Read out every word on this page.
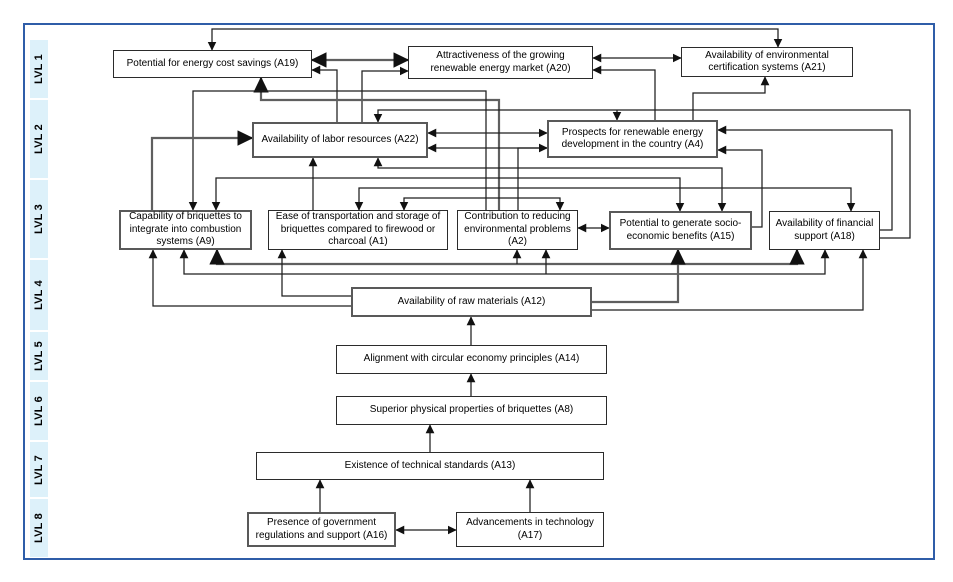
LVL 1
LVL 2
LVL 3
LVL 4
LVL 5
LVL 6
LVL 7
LVL 8
Potential for energy cost savings (A19)
Attractiveness of the growing renewable energy market (A20)
Availability of environmental certification systems (A21)
Availability of labor resources (A22)
Prospects for renewable energy development in the country (A4)
Capability of briquettes to integrate into combustion systems (A9)
Ease of transportation and storage of briquettes compared to firewood or charcoal (A1)
Contribution to reducing environmental problems (A2)
Potential to generate socio-economic benefits (A15)
Availability of financial support (A18)
Availability of raw materials (A12)
Alignment with circular economy principles (A14)
Superior physical properties of briquettes (A8)
Existence of technical standards (A13)
Presence of government regulations and support (A16)
Advancements in technology (A17)
